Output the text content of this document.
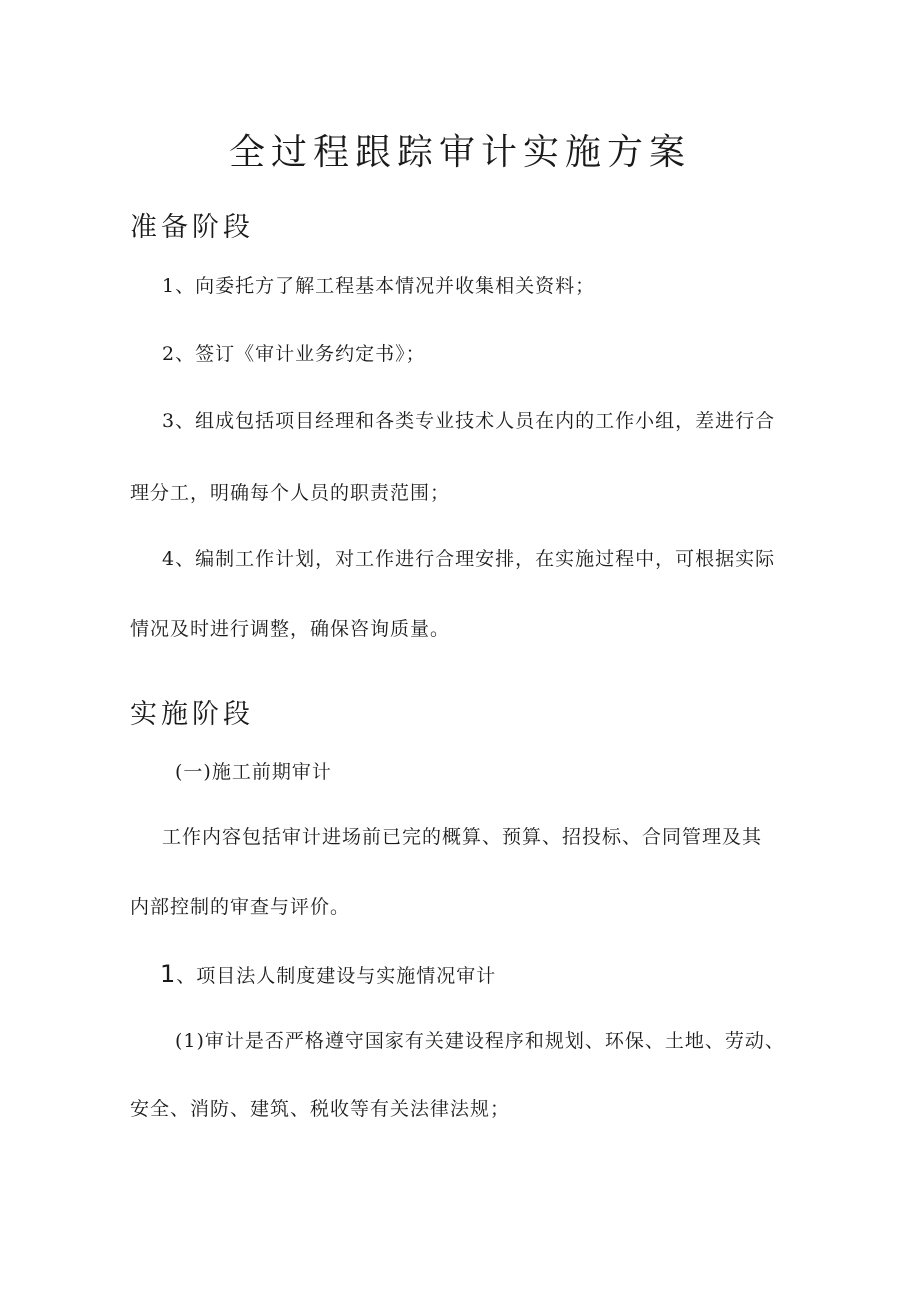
全过程跟踪审计实施方案
准备阶段

1、向委托方了解工程基本情况并收集相关资料；

2、签订《审计业务约定书》；

3、组成包括项目经理和各类专业技术人员在内的工作小组，差进行合

理分工，明确每个人员的职责范围；

4、编制工作计划，对工作进行合理安排，在实施过程中，可根据实际

情况及时进行调整，确保咨询质量。

实施阶段

(一)施工前期审计

工作内容包括审计进场前已完的概算、预算、招投标、合同管理及其

内部控制的审查与评价。

1、项目法人制度建设与实施情况审计

(1)审计是否严格遵守国家有关建设程序和规划、环保、土地、劳动、

安全、消防、建筑、税收等有关法律法规；
